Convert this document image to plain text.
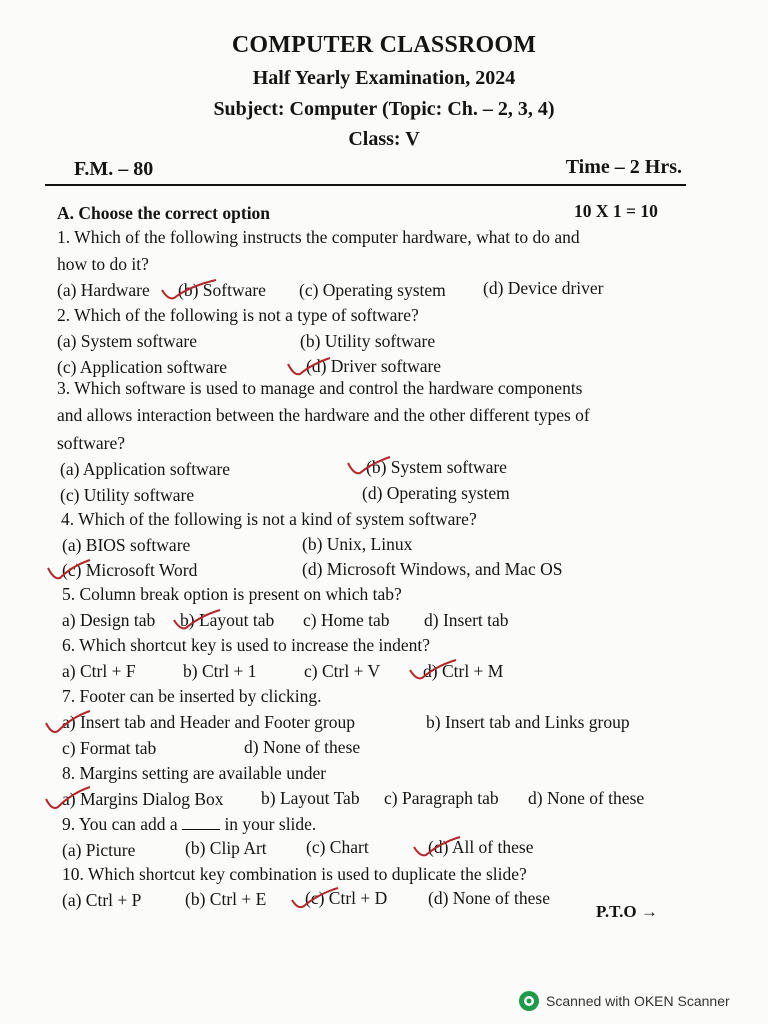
COMPUTER CLASSROOM
Half Yearly Examination, 2024
Subject: Computer (Topic: Ch. – 2, 3, 4)
Class: V
F.M. – 80	Time – 2 Hrs.
A. Choose the correct option	10 X 1 = 10
1. Which of the following instructs the computer hardware, what to do and
how to do it?
(a) Hardware (b) Software (c) Operating system (d) Device driver
2. Which of the following is not a type of software?
(a) System software	(b) Utility software
(c) Application software	(d) Driver software
3. Which software is used to manage and control the hardware components
and allows interaction between the hardware and the other different types of
software?
(a) Application software	(b) System software
(c) Utility software	(d) Operating system
4. Which of the following is not a kind of system software?
(a) BIOS software	(b) Unix, Linux
(c) Microsoft Word	(d) Microsoft Windows, and Mac OS
5. Column break option is present on which tab?
a) Design tab b) Layout tab c) Home tab d) Insert tab
6. Which shortcut key is used to increase the indent?
a) Ctrl + F	b) Ctrl + 1	c) Ctrl + V d) Ctrl + M
7. Footer can be inserted by clicking.
a) Insert tab and Header and Footer group	b) Insert tab and Links group
c) Format tab	d) None of these
8. Margins setting are available under
a) Margins Dialog Box b) Layout Tab c) Paragraph tab d) None of these
9. You can add a	in your slide.
(a) Picture	(b) Clip Art (c) Chart	(d) All of these
10. Which shortcut key combination is used to duplicate the slide?
(a) Ctrl + P (b) Ctrl + E (c) Ctrl + D (d) None of these
P.T.O →
Scanned with OKEN Scanner
